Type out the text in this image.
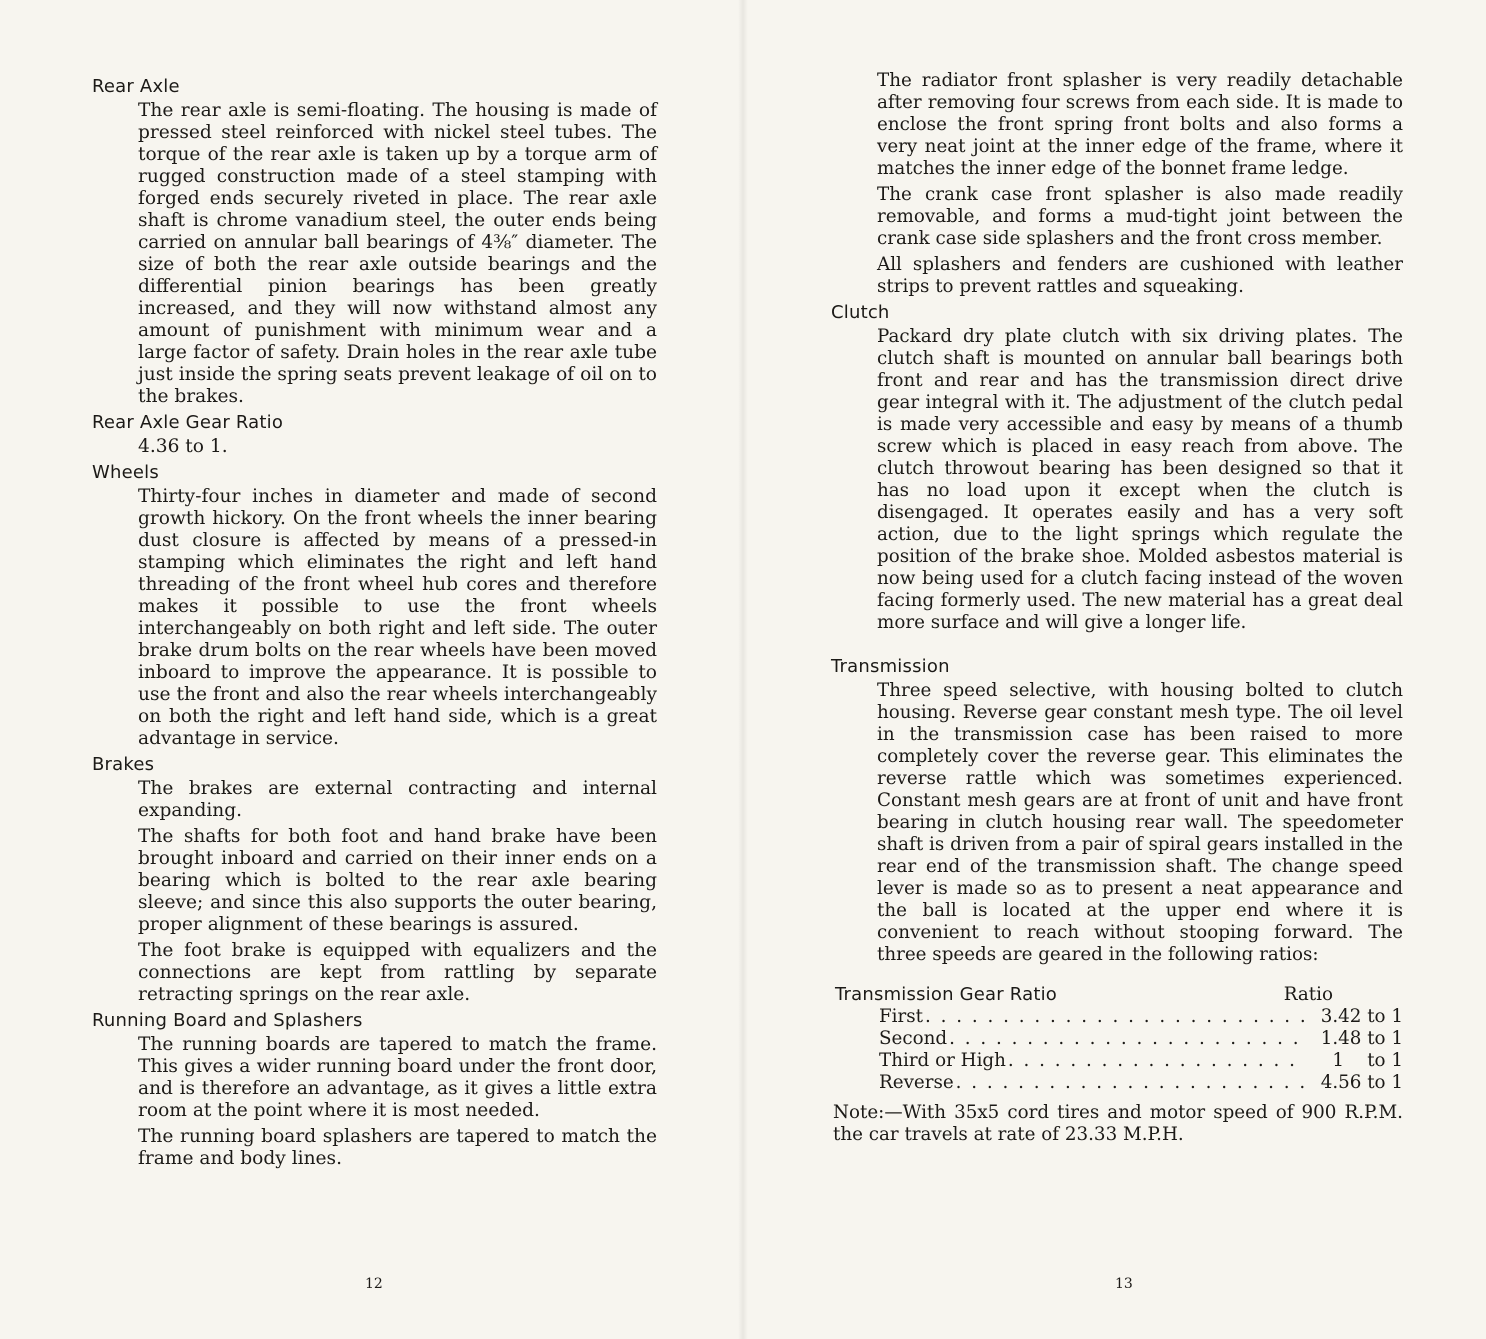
Rear Axle

The rear axle is semi-floating. The housing is made of pressed steel reinforced with nickel steel tubes. The torque of the rear axle is taken up by a torque arm of rugged construction made of a steel stamping with forged ends securely riveted in place. The rear axle shaft is chrome vanadium steel, the outer ends being carried on annular ball bearings of 4⅜″ diameter. The size of both the rear axle outside bearings and the differential pinion bearings has been greatly increased, and they will now withstand almost any amount of punishment with minimum wear and a large factor of safety. Drain holes in the rear axle tube just inside the spring seats prevent leakage of oil on to the brakes.

Rear Axle Gear Ratio

4.36 to 1.

Wheels

Thirty-four inches in diameter and made of second growth hickory. On the front wheels the inner bearing dust closure is affected by means of a pressed-in stamping which eliminates the right and left hand threading of the front wheel hub cores and therefore makes it possible to use the front wheels interchangeably on both right and left side. The outer brake drum bolts on the rear wheels have been moved inboard to improve the appearance. It is possible to use the front and also the rear wheels interchangeably on both the right and left hand side, which is a great advantage in service.

Brakes

The brakes are external contracting and internal expanding.

The shafts for both foot and hand brake have been brought inboard and carried on their inner ends on a bearing which is bolted to the rear axle bearing sleeve; and since this also supports the outer bearing, proper alignment of these bearings is assured.

The foot brake is equipped with equalizers and the connections are kept from rattling by separate retracting springs on the rear axle.

Running Board and Splashers

The running boards are tapered to match the frame. This gives a wider running board under the front door, and is therefore an advantage, as it gives a little extra room at the point where it is most needed.

The running board splashers are tapered to match the frame and body lines.

12

The radiator front splasher is very readily detachable after removing four screws from each side. It is made to enclose the front spring front bolts and also forms a very neat joint at the inner edge of the frame, where it matches the inner edge of the bonnet frame ledge.

The crank case front splasher is also made readily removable, and forms a mud-tight joint between the crank case side splashers and the front cross member.

All splashers and fenders are cushioned with leather strips to prevent rattles and squeaking.

Clutch

Packard dry plate clutch with six driving plates. The clutch shaft is mounted on annular ball bearings both front and rear and has the transmission direct drive gear integral with it. The adjustment of the clutch pedal is made very accessible and easy by means of a thumb screw which is placed in easy reach from above. The clutch throwout bearing has been designed so that it has no load upon it except when the clutch is disengaged. It operates easily and has a very soft action, due to the light springs which regulate the position of the brake shoe. Molded asbestos material is now being used for a clutch facing instead of the woven facing formerly used. The new material has a great deal more surface and will give a longer life.

Transmission

Three speed selective, with housing bolted to clutch housing. Reverse gear constant mesh type. The oil level in the transmission case has been raised to more completely cover the reverse gear. This eliminates the reverse rattle which was sometimes experienced. Constant mesh gears are at front of unit and have front bearing in clutch housing rear wall. The speedometer shaft is driven from a pair of spiral gears installed in the rear end of the transmission shaft. The change speed lever is made so as to present a neat appearance and the ball is located at the upper end where it is convenient to reach without stooping forward. The three speeds are geared in the following ratios:

Transmission Gear Ratio	Ratio
First . . .	3.42 to 1
Second . . .	1.48 to 1
Third or High . . .	1    to 1
Reverse . . .	4.56 to 1

Note:—With 35x5 cord tires and motor speed of 900 R.P.M. the car travels at rate of 23.33 M.P.H.

13
